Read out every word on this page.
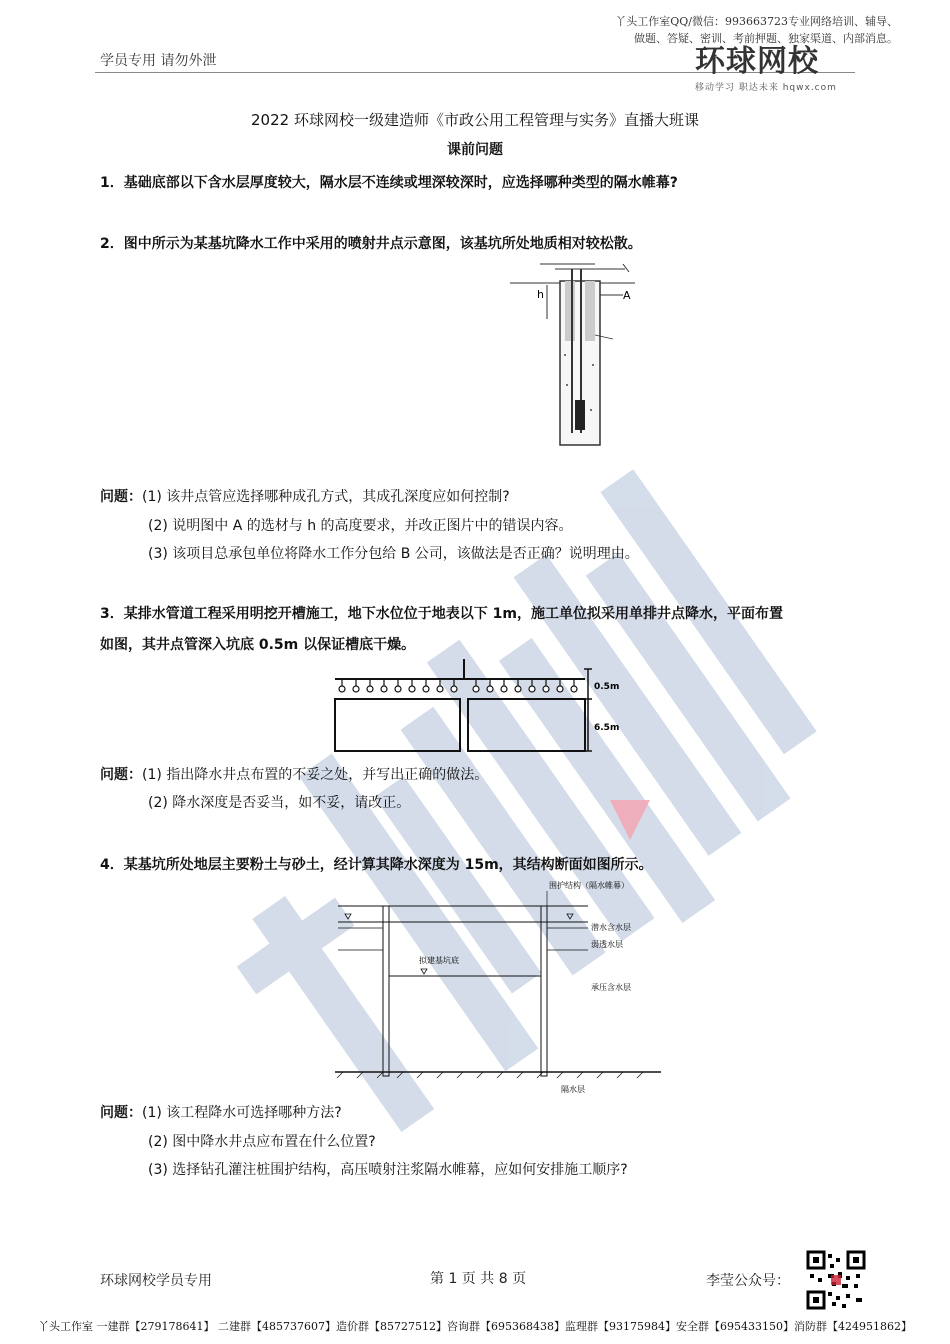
学员专用 请勿外泄
丫头工作室QQ/微信：993663723专业网络培训、辅导、
做题、答疑、密训、考前押题、独家渠道、内部消息。
环球网校
移动学习 职达未来 hqwx.com
2022 环球网校一级建造师《市政公用工程管理与实务》直播大班课
课前问题
1．基础底部以下含水层厚度较大，隔水层不连续或埋深较深时，应选择哪种类型的隔水帷幕?
2．图中所示为某基坑降水工作中采用的喷射井点示意图，该基坑所处地质相对较松散。
h	A
问题：(1) 该井点管应选择哪种成孔方式，其成孔深度应如何控制?
(2) 说明图中 A 的选材与 h 的高度要求，并改正图片中的错误内容。
(3) 该项目总承包单位将降水工作分包给 B 公司，该做法是否正确？说明理由。
3．某排水管道工程采用明挖开槽施工，地下水位位于地表以下 1m，施工单位拟采用单排井点降水，平面布置
如图，其井点管深入坑底 0.5m 以保证槽底干燥。
0.5m
6.5m
问题：(1) 指出降水井点布置的不妥之处，并写出正确的做法。
(2) 降水深度是否妥当，如不妥，请改正。
4．某基坑所处地层主要粉土与砂土，经计算其降水深度为 15m，其结构断面如图所示。
围护结构（隔水帷幕）
潜水含水层
弱透水层
拟建基坑底
承压含水层
隔水层
问题：(1) 该工程降水可选择哪种方法?
(2) 图中降水井点应布置在什么位置?
(3) 选择钻孔灌注桩围护结构，高压喷射注浆隔水帷幕，应如何安排施工顺序?
环球网校学员专用	第 1 页 共 8 页	李莹公众号：
丫头工作室 一建群【279178641】 二建群【485737607】造价群【85727512】咨询群【695368438】监理群【93175984】安全群【695433150】消防群【424951862】
